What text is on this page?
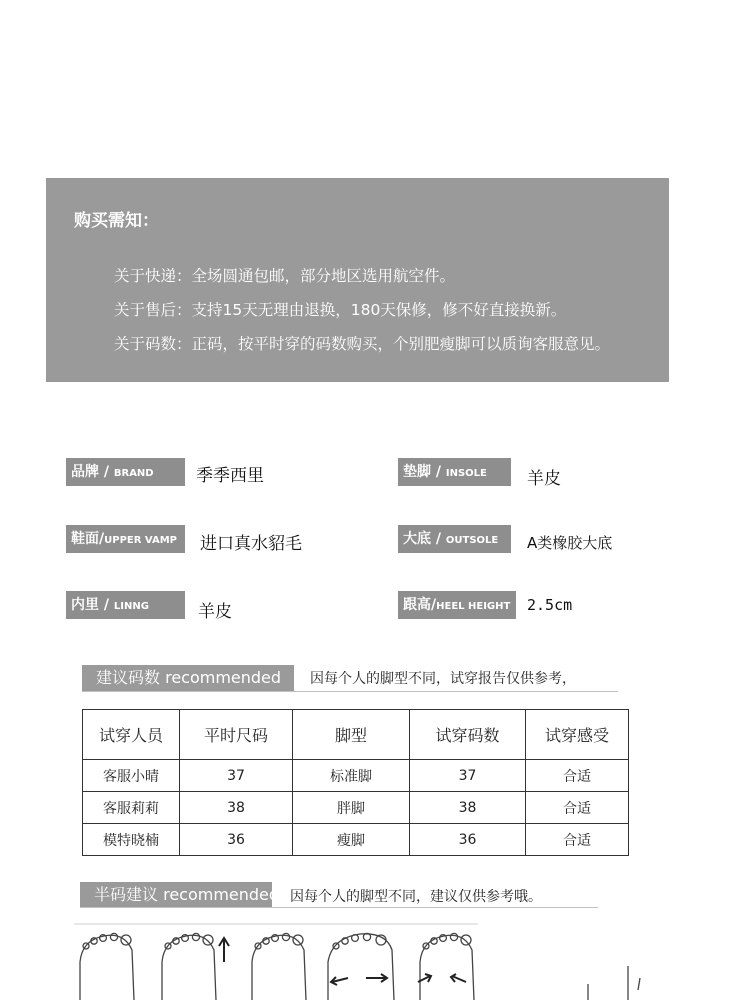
购买需知：
关于快递：全场圆通包邮，部分地区选用航空件。
关于售后：支持15天无理由退换，180天保修，修不好直接换新。
关于码数：正码，按平时穿的码数购买，个别肥瘦脚可以质询客服意见。
品牌 / BRAND	季季西里	垫脚 / INSOLE	羊皮
鞋面/UPPER VAMP	进口真水貂毛	大底 / OUTSOLE	A类橡胶大底
内里 / LINNG	羊皮	跟高/HEEL HEIGHT	2.5cm
建议码数 recommended	因每个人的脚型不同，试穿报告仅供参考，
试穿人员	平时尺码	脚型	试穿码数	试穿感受
客服小晴	37	标准脚	37	合适
客服莉莉	38	胖脚	38	合适
模特晓楠	36	瘦脚	36	合适
半码建议 recommended 因每个人的脚型不同，建议仅供参考哦。
